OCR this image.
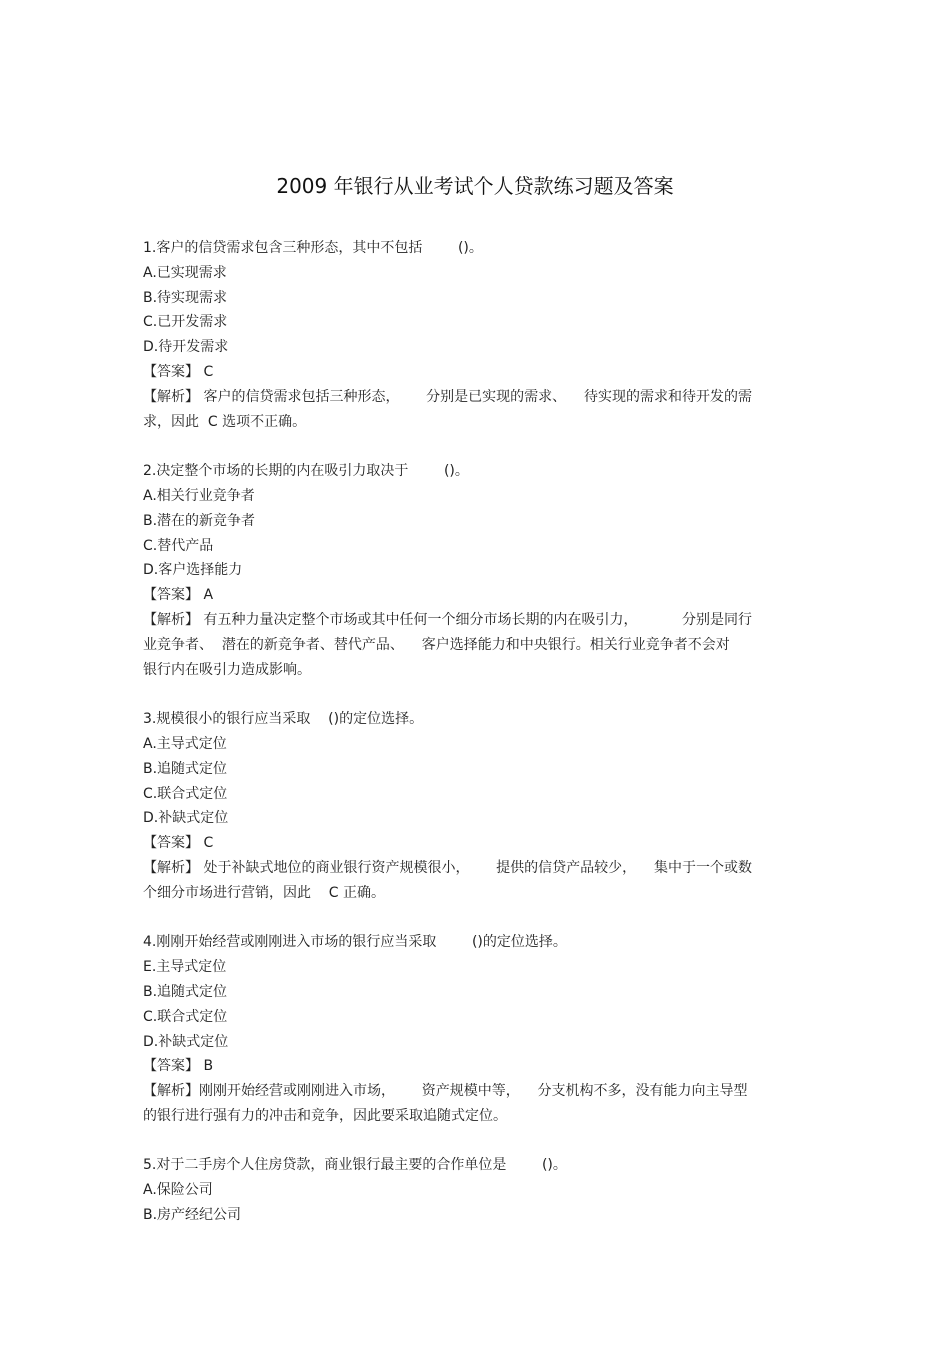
2009 年银行从业考试个人贷款练习题及答案
1.客户的信贷需求包含三种形态，其中不包括        ()。
A.已实现需求
B.待实现需求
C.已开发需求
D.待开发需求
【答案】 C
【解析】 客户的信贷需求包括三种形态，      分别是已实现的需求、    待实现的需求和待开发的需
求，因此  C 选项不正确。
2.决定整个市场的长期的内在吸引力取决于        ()。
A.相关行业竞争者
B.潜在的新竞争者
C.替代产品
D.客户选择能力
【答案】 A
【解析】 有五种力量决定整个市场或其中任何一个细分市场长期的内在吸引力，          分别是同行
业竞争者、  潜在的新竞争者、替代产品、    客户选择能力和中央银行。相关行业竞争者不会对
银行内在吸引力造成影响。
3.规模很小的银行应当采取    ()的定位选择。
A.主导式定位
B.追随式定位
C.联合式定位
D.补缺式定位
【答案】 C
【解析】 处于补缺式地位的商业银行资产规模很小，      提供的信贷产品较少，    集中于一个或数
个细分市场进行营销，因此    C 正确。
4.刚刚开始经营或刚刚进入市场的银行应当采取        ()的定位选择。
E.主导式定位
B.追随式定位
C.联合式定位
D.补缺式定位
【答案】 B
【解析】刚刚开始经营或刚刚进入市场，      资产规模中等，    分支机构不多，没有能力向主导型
的银行进行强有力的冲击和竞争，因此要采取追随式定位。
5.对于二手房个人住房贷款，商业银行最主要的合作单位是        ()。
A.保险公司
B.房产经纪公司
